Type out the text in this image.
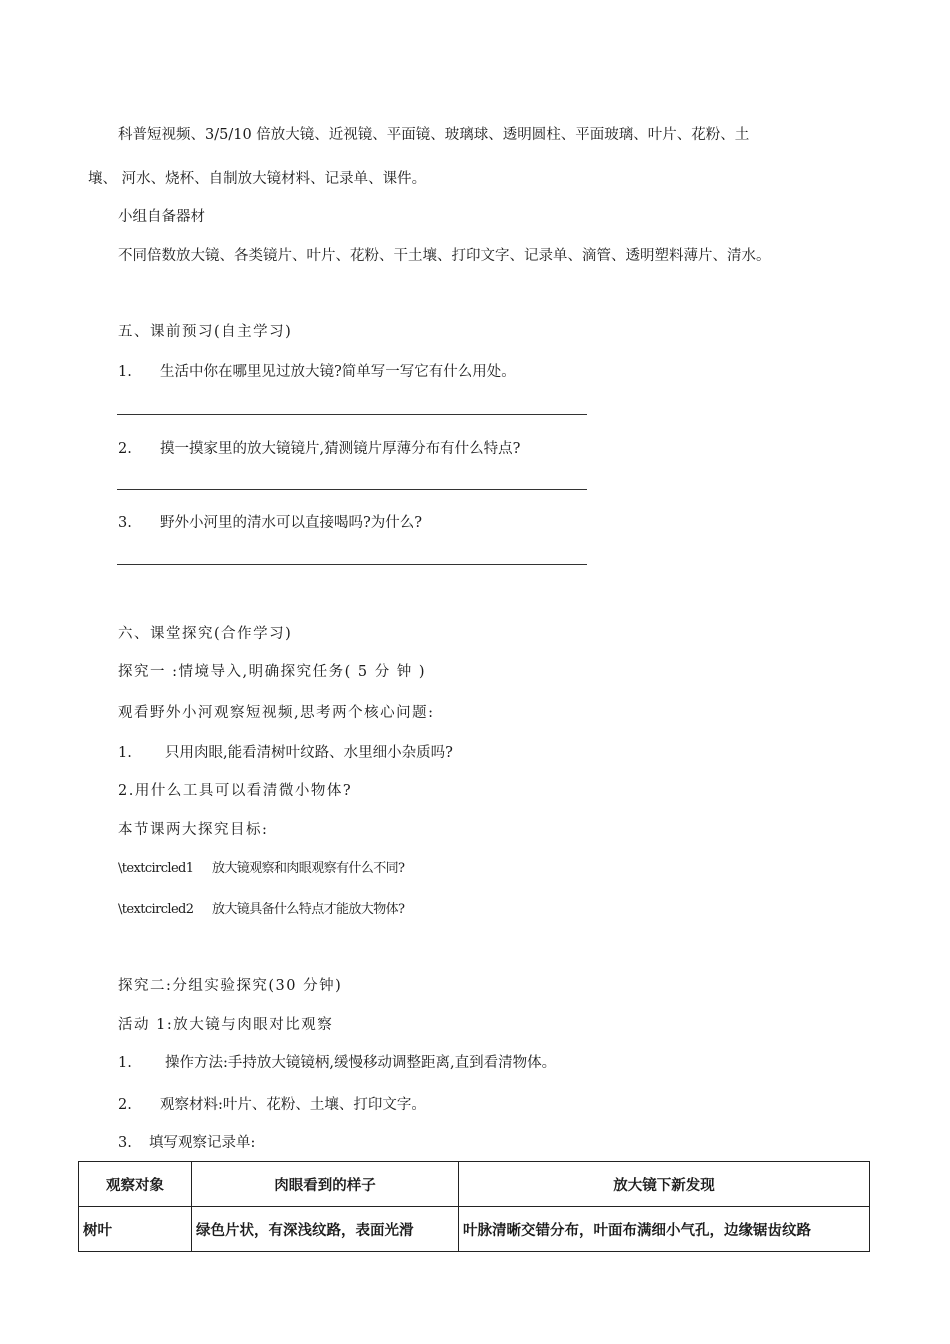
科普短视频、3/5/10 倍放大镜、近视镜、平面镜、玻璃球、透明圆柱、平面玻璃、叶片、花粉、土
壤、 河水、烧杯、自制放大镜材料、记录单、课件。
小组自备器材
不同倍数放大镜、各类镜片、叶片、花粉、干土壤、打印文字、记录单、滴管、透明塑料薄片、清水。
五、课前预习(自主学习)
1. 生活中你在哪里见过放大镜?简单写一写它有什么用处。
2. 摸一摸家里的放大镜镜片,猜测镜片厚薄分布有什么特点?
3. 野外小河里的清水可以直接喝吗?为什么?
六、课堂探究(合作学习)
探究一 :情境导入,明确探究任务( 5 分 钟 )
观看野外小河观察短视频,思考两个核心问题:
1. 只用肉眼,能看清树叶纹路、水里细小杂质吗?
2.用什么工具可以看清微小物体?
本节课两大探究目标:
\textcircled1 放大镜观察和肉眼观察有什么不同?
\textcircled2 放大镜具备什么特点才能放大物体?
探究二:分组实验探究(30 分钟)
活动 1:放大镜与肉眼对比观察
1. 操作方法:手持放大镜镜柄,缓慢移动调整距离,直到看清物体。
2. 观察材料:叶片、花粉、土壤、打印文字。
3. 填写观察记录单:
观察对象	肉眼看到的样子	放大镜下新发现
树叶	绿色片状，有深浅纹路，表面光滑	叶脉清晰交错分布，叶面布满细小气孔，边缘锯齿纹路
